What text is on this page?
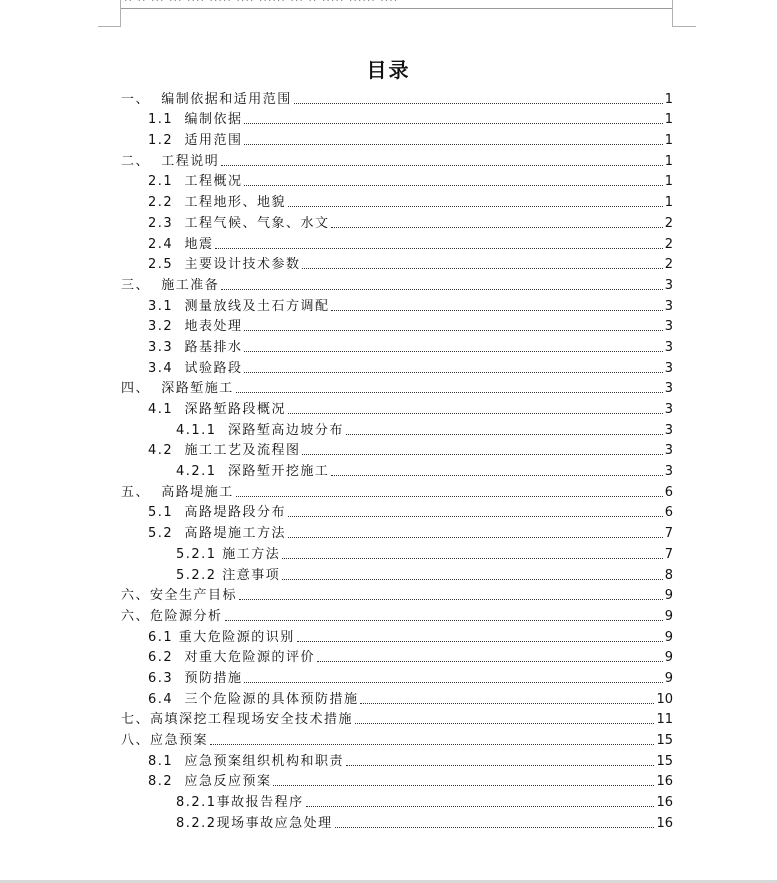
目录
一、  编制依据和适用范围	1
1.1  编制依据	1
1.2  适用范围	1
二、  工程说明	1
2.1  工程概况	1
2.2  工程地形、地貌	1
2.3  工程气候、气象、水文	2
2.4  地震	2
2.5  主要设计技术参数	2
三、  施工准备	3
3.1  测量放线及土石方调配	3
3.2  地表处理	3
3.3  路基排水	3
3.4  试验路段	3
四、  深路堑施工	3
4.1  深路堑路段概况	3
4.1.1  深路堑高边坡分布	3
4.2  施工工艺及流程图	3
4.2.1  深路堑开挖施工	3
五、  高路堤施工	6
5.1  高路堤路段分布	6
5.2  高路堤施工方法	7
5.2.1 施工方法	7
5.2.2 注意事项	8
六、安全生产目标	9
六、危险源分析	9
6.1 重大危险源的识别	9
6.2  对重大危险源的评价	9
6.3  预防措施	9
6.4  三个危险源的具体预防措施	10
七、高填深挖工程现场安全技术措施	11
八、应急预案	15
8.1  应急预案组织机构和职责	15
8.2  应急反应预案	16
8.2.1事故报告程序	16
8.2.2现场事故应急处理	16
